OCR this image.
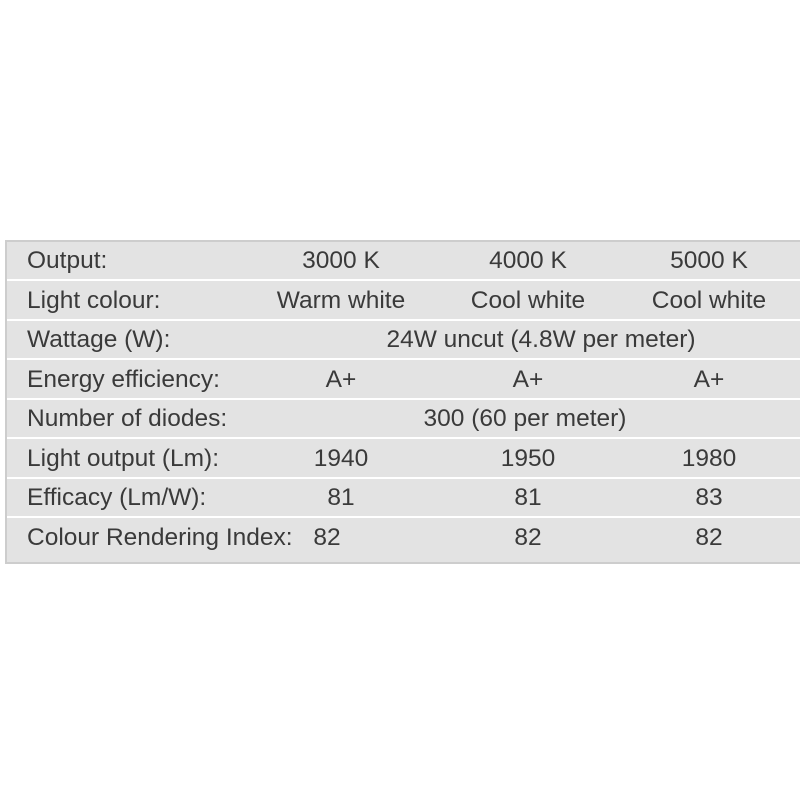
Output:	3000 K	4000 K	5000 K
Light colour:	Warm white	Cool white	Cool white
Wattage (W):	24W uncut (4.8W per meter)
Energy efficiency:	A+	A+	A+
Number of diodes:	300 (60 per meter)
Light output (Lm):	1940	1950	1980
Efficacy (Lm/W):	81	81	83
Colour Rendering Index: 82	82	82
